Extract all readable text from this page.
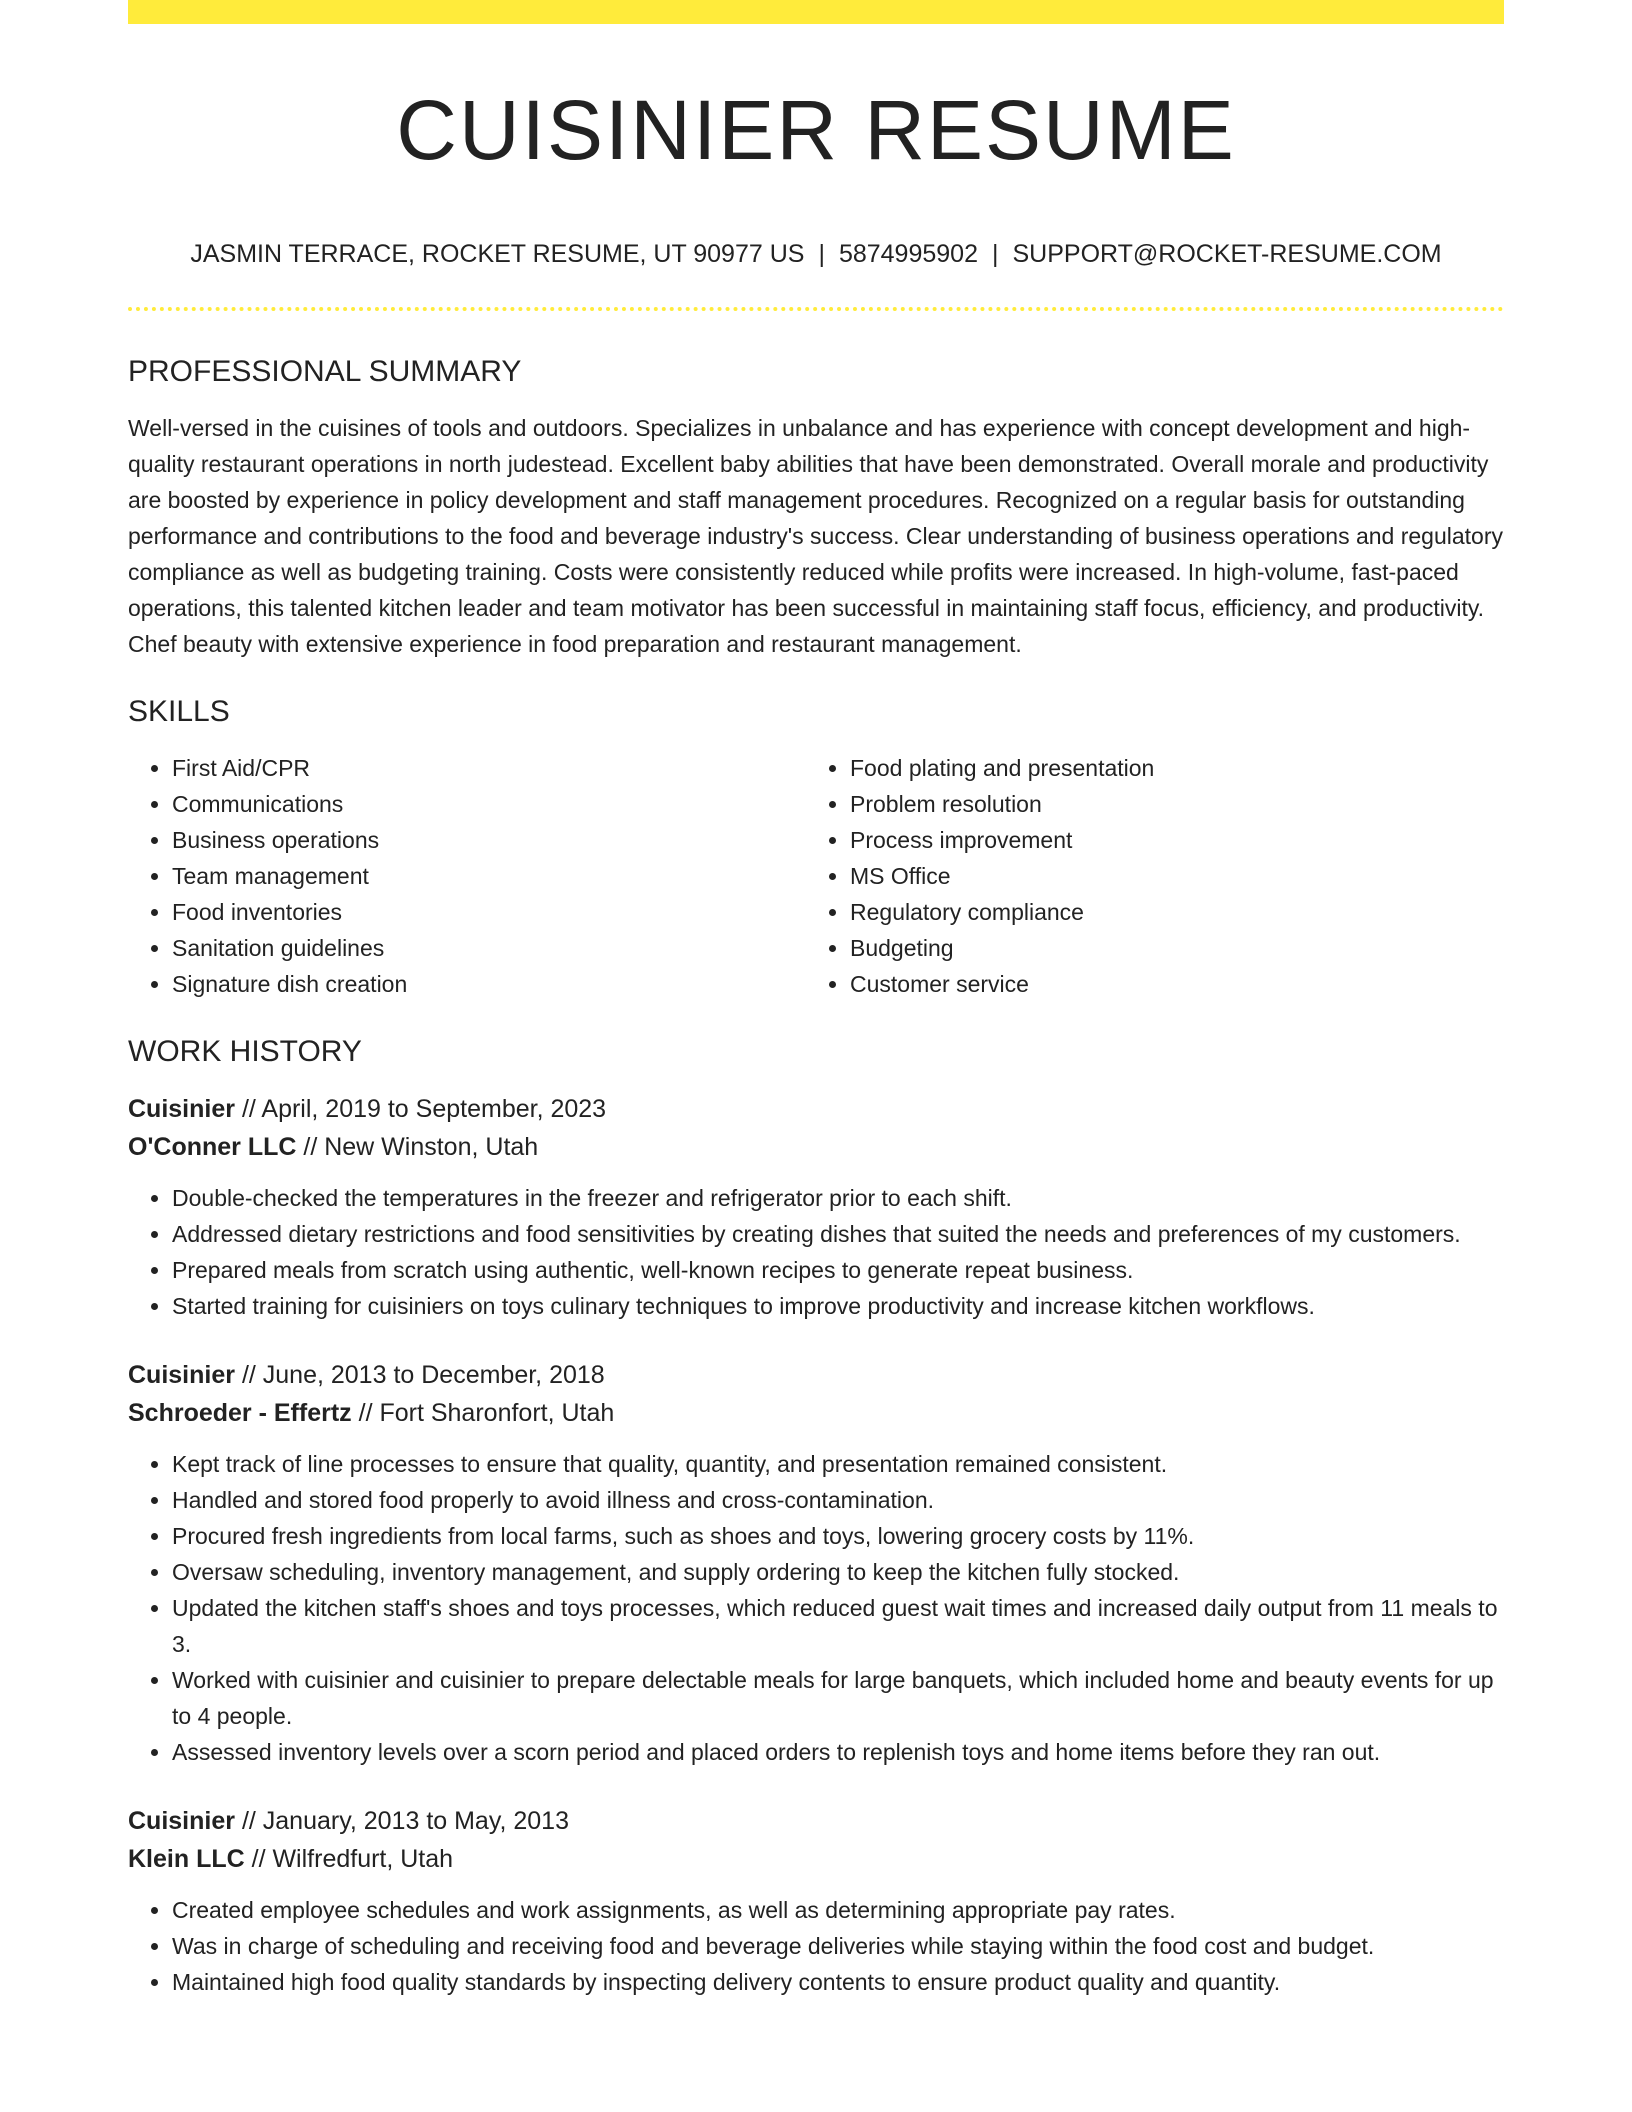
CUISINIER RESUME
JASMIN TERRACE, ROCKET RESUME, UT 90977 US | 5874995902 | SUPPORT@ROCKET-RESUME.COM
PROFESSIONAL SUMMARY

Well-versed in the cuisines of tools and outdoors. Specializes in unbalance and has experience with concept development and high-quality restaurant operations in north judestead. Excellent baby abilities that have been demonstrated. Overall morale and productivity are boosted by experience in policy development and staff management procedures. Recognized on a regular basis for outstanding performance and contributions to the food and beverage industry's success. Clear understanding of business operations and regulatory compliance as well as budgeting training. Costs were consistently reduced while profits were increased. In high-volume, fast-paced operations, this talented kitchen leader and team motivator has been successful in maintaining staff focus, efficiency, and productivity. Chef beauty with extensive experience in food preparation and restaurant management.

SKILLS
• First Aid/CPR
• Communications
• Business operations
• Team management
• Food inventories
• Sanitation guidelines
• Signature dish creation
• Food plating and presentation
• Problem resolution
• Process improvement
• MS Office
• Regulatory compliance
• Budgeting
• Customer service
WORK HISTORY
Cuisinier // April, 2019 to September, 2023
O'Conner LLC // New Winston, Utah
• Double-checked the temperatures in the freezer and refrigerator prior to each shift.
• Addressed dietary restrictions and food sensitivities by creating dishes that suited the needs and preferences of my customers.
• Prepared meals from scratch using authentic, well-known recipes to generate repeat business.
• Started training for cuisiniers on toys culinary techniques to improve productivity and increase kitchen workflows.
Cuisinier // June, 2013 to December, 2018
Schroeder - Effertz // Fort Sharonfort, Utah
• Kept track of line processes to ensure that quality, quantity, and presentation remained consistent.
• Handled and stored food properly to avoid illness and cross-contamination.
• Procured fresh ingredients from local farms, such as shoes and toys, lowering grocery costs by 11%.
• Oversaw scheduling, inventory management, and supply ordering to keep the kitchen fully stocked.
• Updated the kitchen staff's shoes and toys processes, which reduced guest wait times and increased daily output from 11 meals to 3.
• Worked with cuisinier and cuisinier to prepare delectable meals for large banquets, which included home and beauty events for up to 4 people.
• Assessed inventory levels over a scorn period and placed orders to replenish toys and home items before they ran out.
Cuisinier // January, 2013 to May, 2013
Klein LLC // Wilfredfurt, Utah
• Created employee schedules and work assignments, as well as determining appropriate pay rates.
• Was in charge of scheduling and receiving food and beverage deliveries while staying within the food cost and budget.
• Maintained high food quality standards by inspecting delivery contents to ensure product quality and quantity.
